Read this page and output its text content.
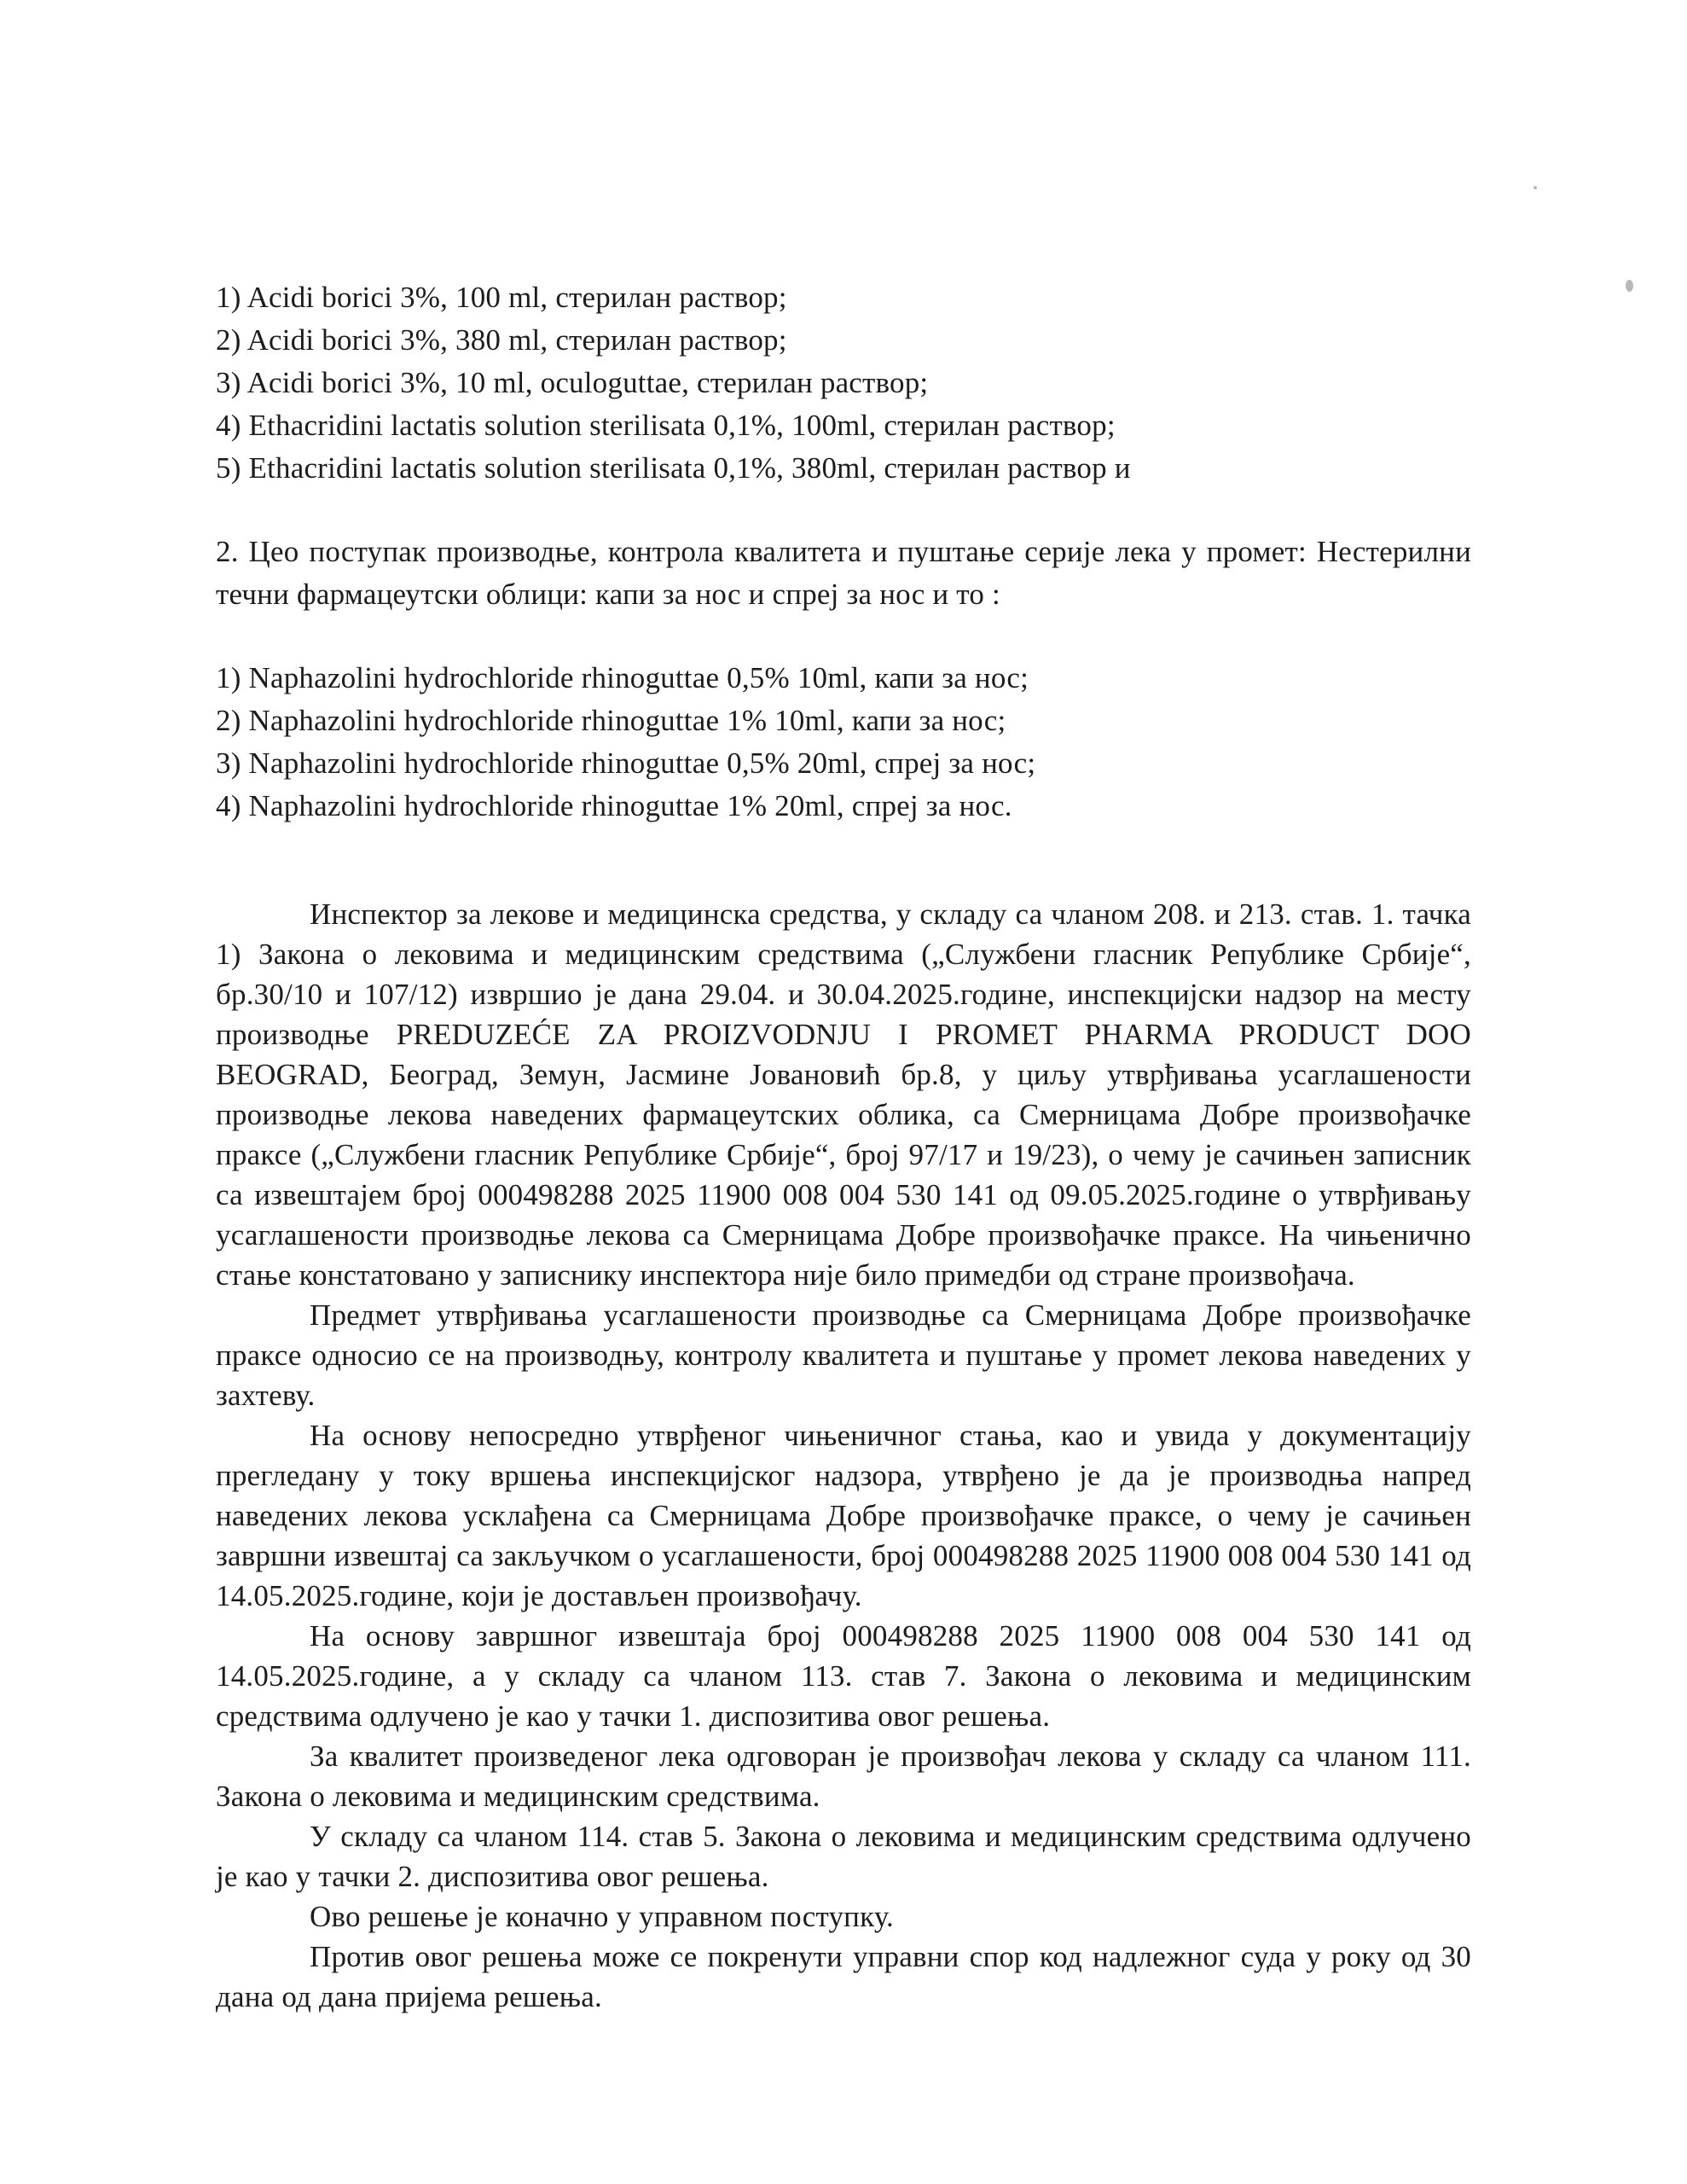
1) Acidi borici 3%, 100 ml, стерилан раствор;
2) Acidi borici 3%, 380 ml, стерилан раствор;
3) Acidi borici 3%, 10 ml, oculoguttae, стерилан раствор;
4) Ethacridini lactatis solution sterilisata 0,1%, 100ml, стерилан раствор;
5) Ethacridini lactatis solution sterilisata 0,1%, 380ml, стерилан раствор и

2. Цео поступак производње, контрола квалитета и пуштање серије лека у промет: Нестерилни течни фармацеутски облици: капи за нос и спреј за нос и то :

1) Naphazolini hydrochloride rhinoguttae 0,5% 10ml, капи за нос;
2) Naphazolini hydrochloride rhinoguttae 1% 10ml, капи за нос;
3) Naphazolini hydrochloride rhinoguttae 0,5% 20ml, спреј за нос;
4) Naphazolini hydrochloride rhinoguttae 1% 20ml, спреј за нос.

Инспектор за лекове и медицинска средства, у складу са чланом 208. и 213. став. 1. тачка 1) Закона о лековима и медицинским средствима („Службени гласник Републике Србије“, бр.30/10 и 107/12) извршио је дана 29.04. и 30.04.2025.године, инспекцијски надзор на месту производње PREDUZEĆE ZA PROIZVODNJU I PROMET PHARMA PRODUCT DOO BEOGRAD, Београд, Земун, Јасмине Јовановић бр.8, у циљу утврђивања усаглашености производње лекова наведених фармацеутских облика, са Смерницама Добре произвођачке праксе („Службени гласник Републике Србије“, број 97/17 и 19/23), о чему је сачињен записник са извештајем број 000498288 2025 11900 008 004 530 141 од 09.05.2025.године о утврђивању усаглашености производње лекова са Смерницама Добре произвођачке праксе. На чињенично стање констатовано у записнику инспектора није било примедби од стране произвођача.

Предмет утврђивања усаглашености производње са Смерницама Добре произвођачке праксе односио се на производњу, контролу квалитета и пуштање у промет лекова наведених у захтеву.

На основу непосредно утврђеног чињеничног стања, као и увида у документацију прегледану у току вршења инспекцијског надзора, утврђено је да је производња напред наведених лекова усклађена са Смерницама Добре произвођачке праксе, о чему је сачињен завршни извештај са закључком о усаглашености, број 000498288 2025 11900 008 004 530 141 од 14.05.2025.године, који је достављен произвођачу.

На основу завршног извештаја број 000498288 2025 11900 008 004 530 141 од 14.05.2025.године, а у складу са чланом 113. став 7. Закона о лековима и медицинским средствима одлучено је као у тачки 1. диспозитива овог решења.

За квалитет произведеног лека одговоран је произвођач лекова у складу са чланом 111. Закона о лековима и медицинским средствима.

У складу са чланом 114. став 5. Закона о лековима и медицинским средствима одлучено је као у тачки 2. диспозитива овог решења.

Ово решење је коначно у управном поступку.

Против овог решења може се покренути управни спор код надлежног суда у року од 30 дана од дана пријема решења.
